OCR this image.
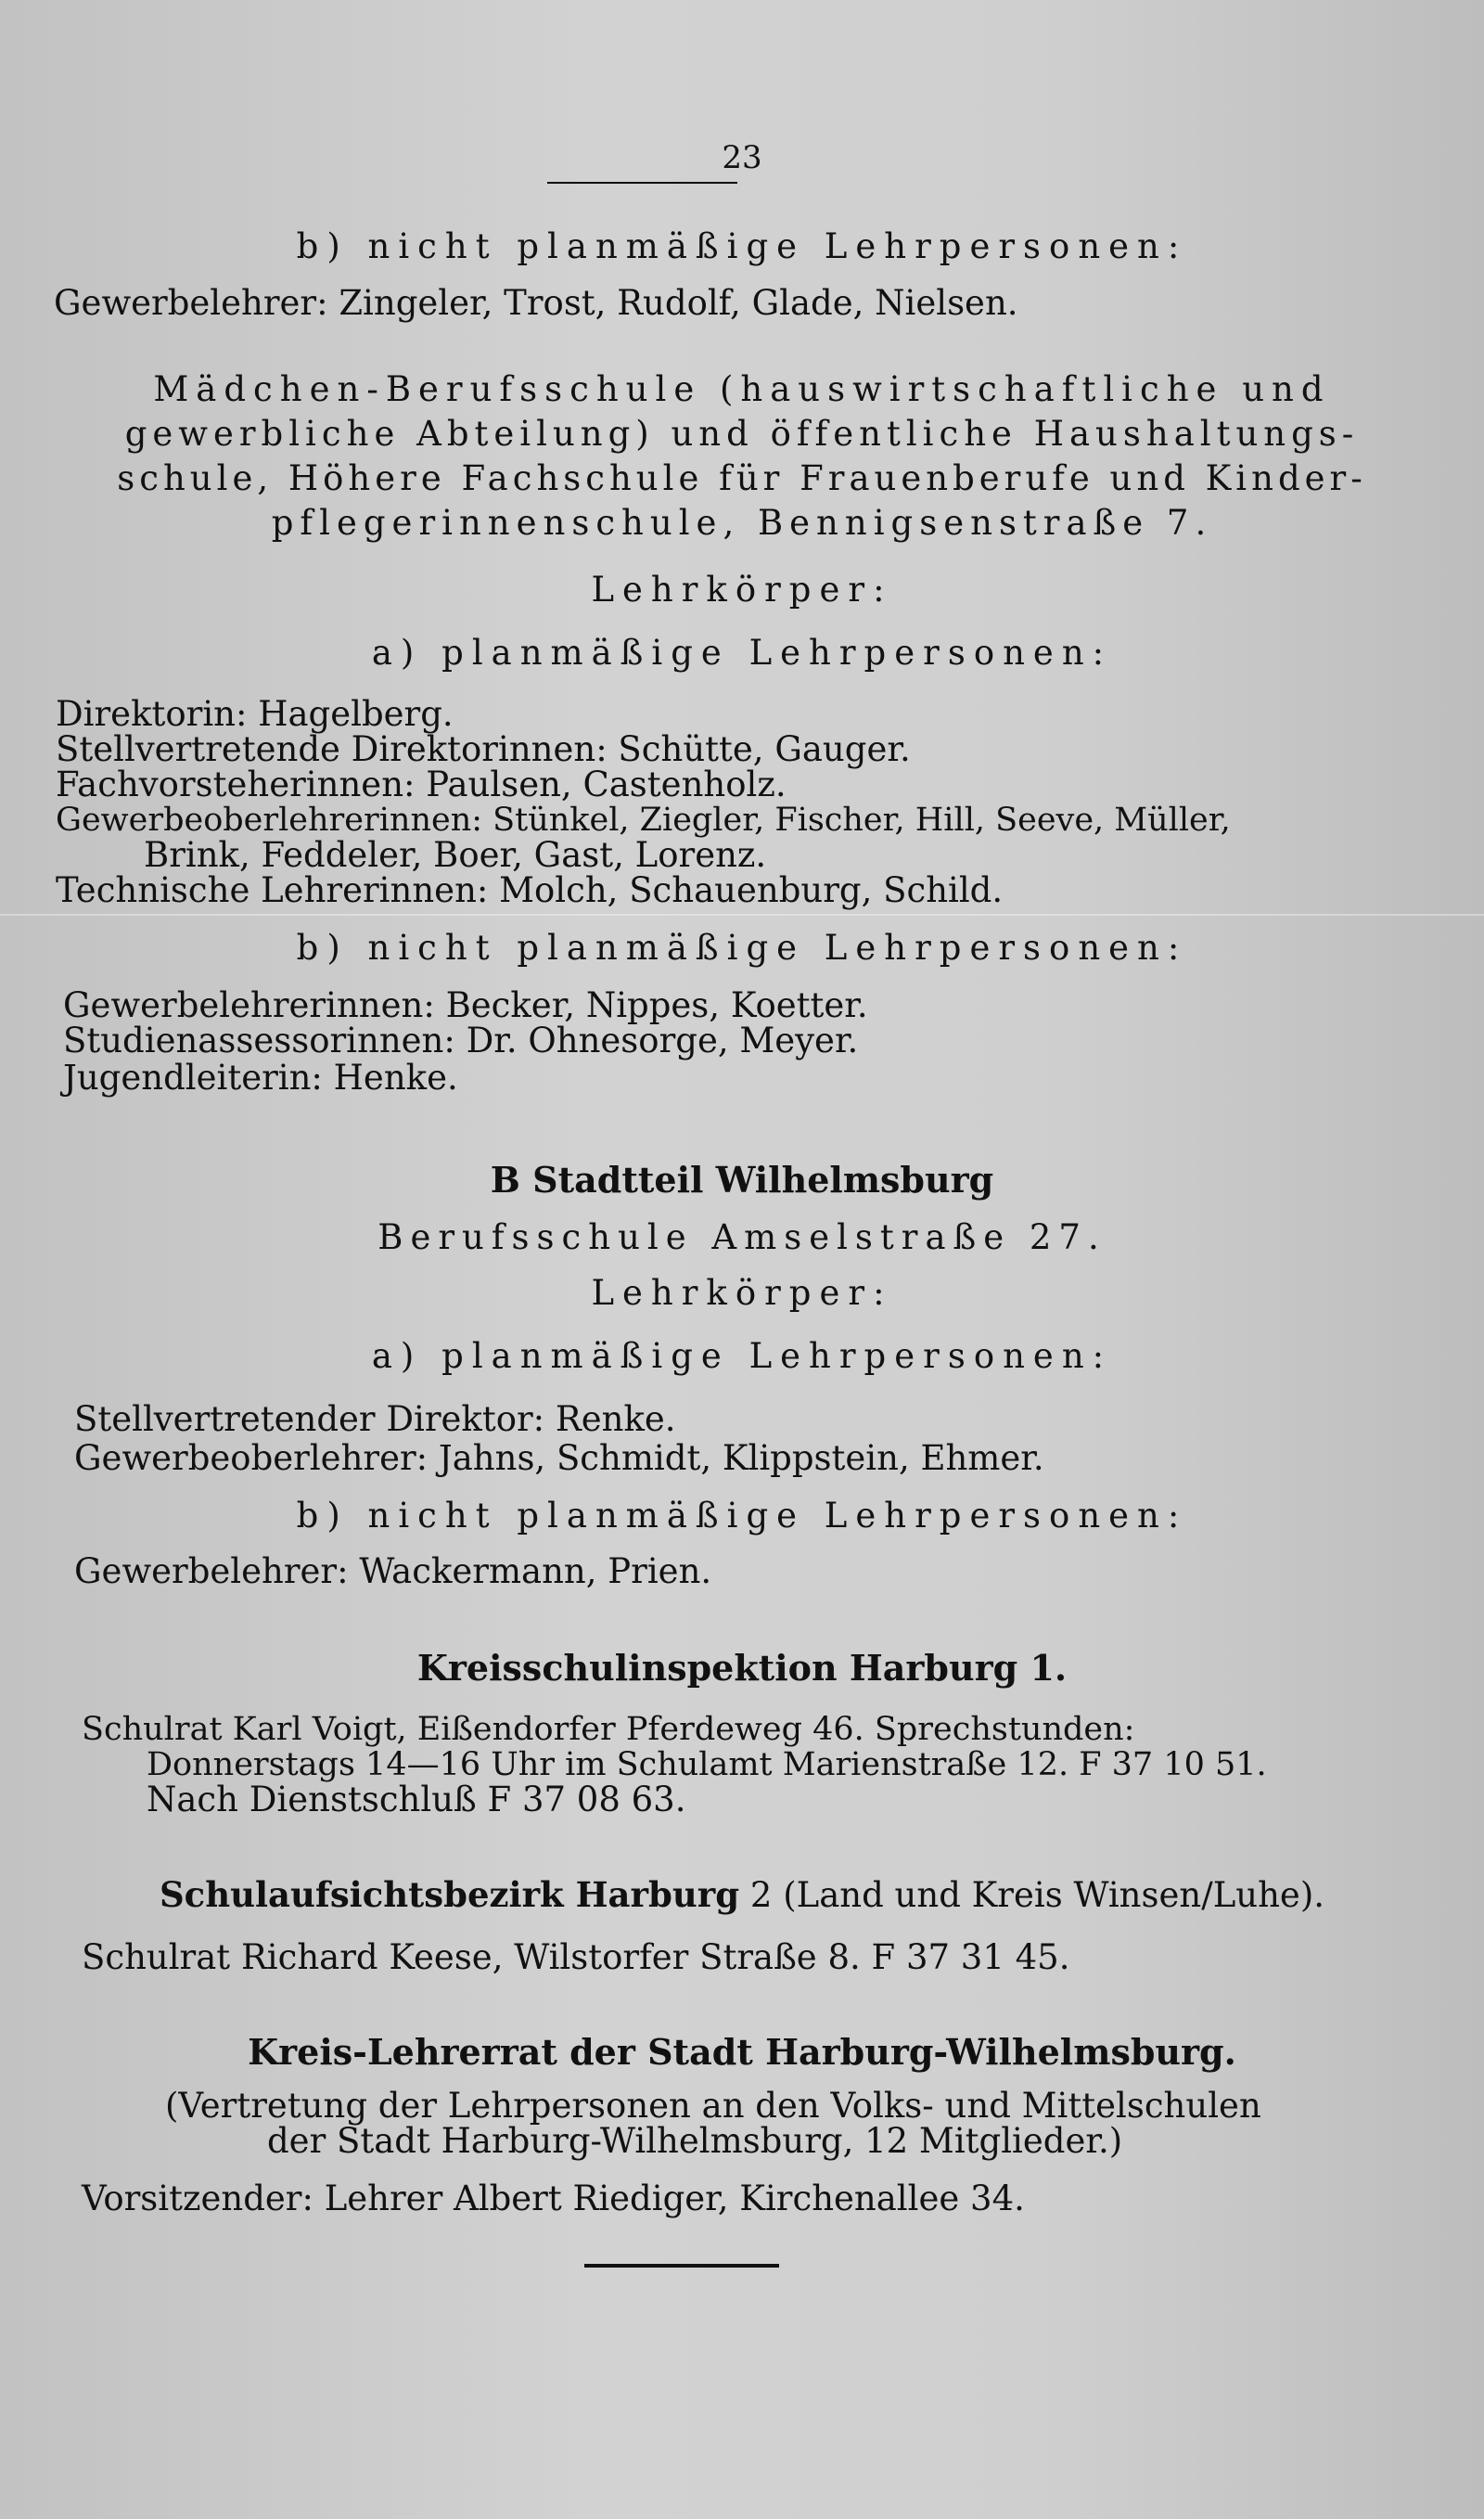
23
b) nicht planmäßige Lehrpersonen:
Gewerbelehrer: Zingeler, Trost, Rudolf, Glade, Nielsen.
Mädchen-Berufsschule (hauswirtschaftliche und
gewerbliche Abteilung) und öffentliche Haushaltungs-
schule, Höhere Fachschule für Frauenberufe und Kinder-
pflegerinnenschule, Bennigsenstraße 7.
Lehrkörper:
a) planmäßige Lehrpersonen:
Direktorin: Hagelberg.
Stellvertretende Direktorinnen: Schütte, Gauger.
Fachvorsteherinnen: Paulsen, Castenholz.
Gewerbeoberlehrerinnen: Stünkel, Ziegler, Fischer, Hill, Seeve, Müller,
Brink, Feddeler, Boer, Gast, Lorenz.
Technische Lehrerinnen: Molch, Schauenburg, Schild.
b) nicht planmäßige Lehrpersonen:
Gewerbelehrerinnen: Becker, Nippes, Koetter.
Studienassessorinnen: Dr. Ohnesorge, Meyer.
Jugendleiterin: Henke.
B Stadtteil Wilhelmsburg
Berufsschule Amselstraße 27.
Lehrkörper:
a) planmäßige Lehrpersonen:
Stellvertretender Direktor: Renke.
Gewerbeoberlehrer: Jahns, Schmidt, Klippstein, Ehmer.
b) nicht planmäßige Lehrpersonen:
Gewerbelehrer: Wackermann, Prien.
Kreisschulinspektion Harburg 1.
Schulrat Karl Voigt, Eißendorfer Pferdeweg 46. Sprechstunden:
Donnerstags 14—16 Uhr im Schulamt Marienstraße 12. F 37 10 51.
Nach Dienstschluß F 37 08 63.
Schulaufsichtsbezirk Harburg 2 (Land und Kreis Winsen/Luhe).
Schulrat Richard Keese, Wilstorfer Straße 8. F 37 31 45.
Kreis-Lehrerrat der Stadt Harburg-Wilhelmsburg.
(Vertretung der Lehrpersonen an den Volks- und Mittelschulen
der Stadt Harburg-Wilhelmsburg, 12 Mitglieder.)
Vorsitzender: Lehrer Albert Riediger, Kirchenallee 34.
